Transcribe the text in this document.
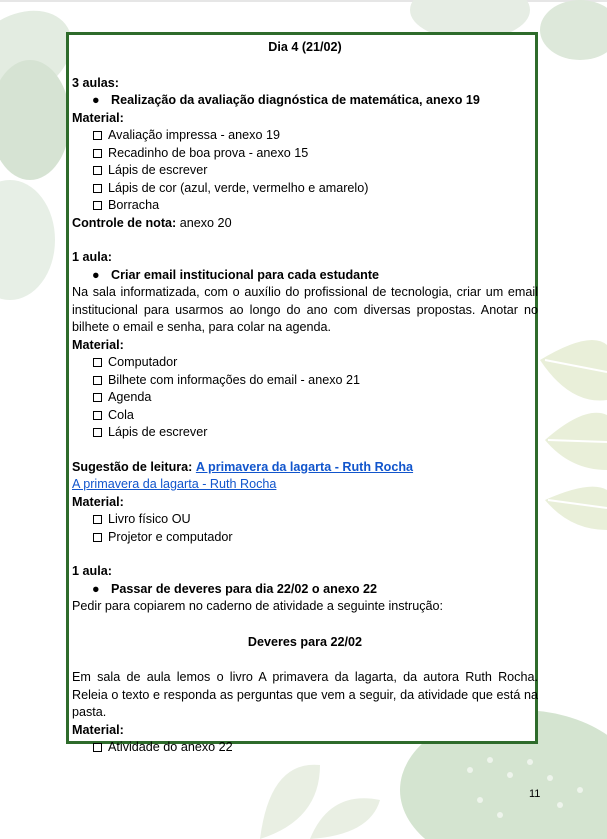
Dia 4 (21/02)

3 aulas:

● Realização da avaliação diagnóstica de matemática, anexo 19

Material:

Avaliação impressa - anexo 19
Recadinho de boa prova - anexo 15
Lápis de escrever
Lápis de cor (azul, verde, vermelho e amarelo)
Borracha

Controle de nota: anexo 20

1 aula:

● Criar email institucional para cada estudante

Na sala informatizada, com o auxílio do profissional de tecnologia, criar um email institucional para usarmos ao longo do ano com diversas propostas. Anotar no bilhete o email e senha, para colar na agenda.

Material:

Computador
Bilhete com informações do email - anexo 21
Agenda
Cola
Lápis de escrever

Sugestão de leitura: A primavera da lagarta - Ruth Rocha

A primavera da lagarta - Ruth Rocha

Material:

Livro físico OU
Projetor e computador

1 aula:

● Passar de deveres para dia 22/02 o anexo 22

Pedir para copiarem no caderno de atividade a seguinte instrução:

Deveres para 22/02

Em sala de aula lemos o livro A primavera da lagarta, da autora Ruth Rocha. Releia o texto e responda as perguntas que vem a seguir, da atividade que está na pasta.

Material:

Atividade do anexo 22
11
